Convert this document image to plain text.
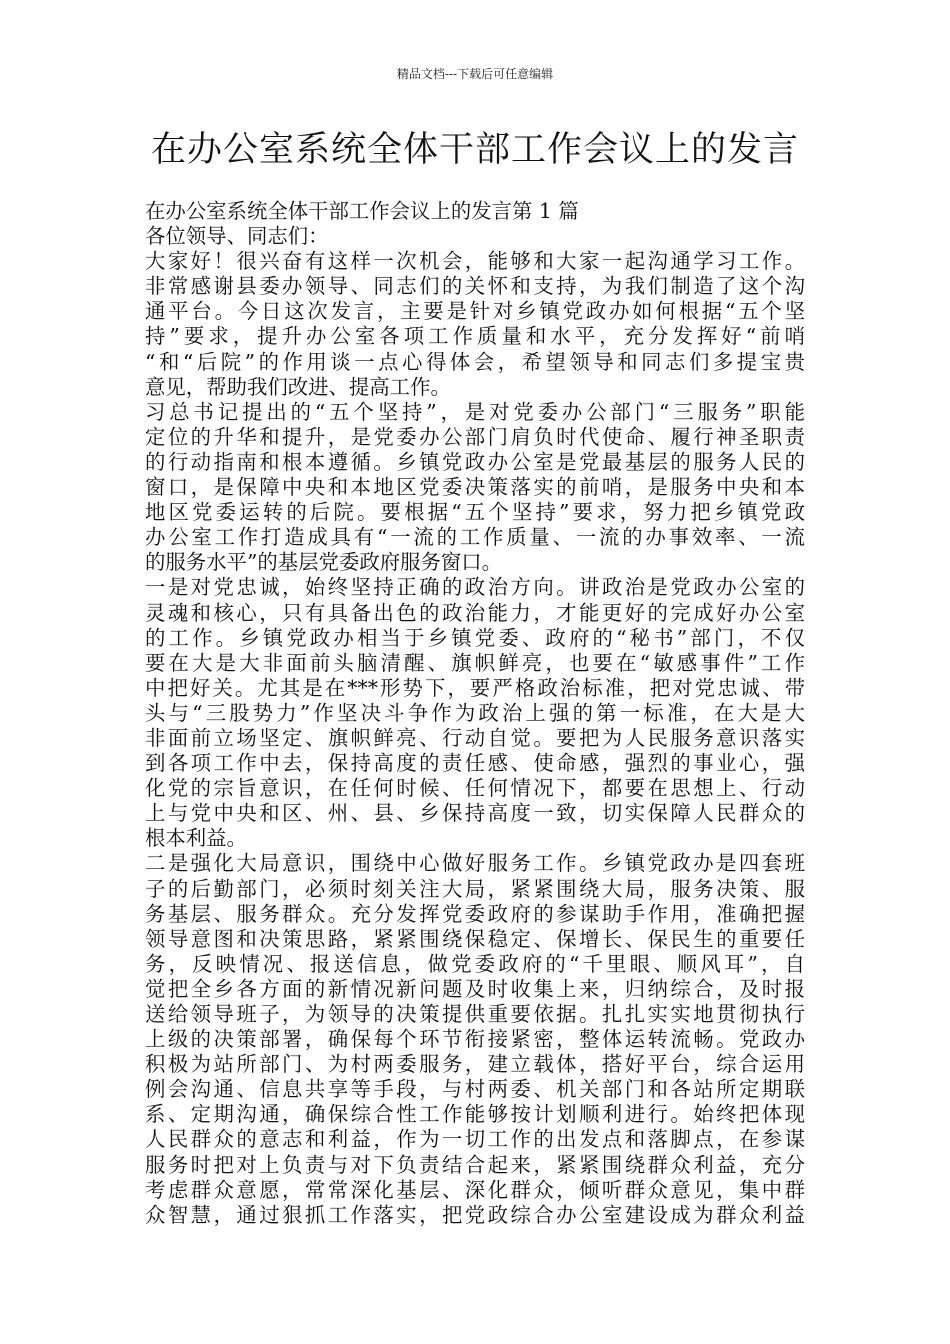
精品文档---下载后可任意编辑
在办公室系统全体干部工作会议上的发言
在办公室系统全体干部工作会议上的发言第 1 篇
各位领导、同志们：
大家好！很兴奋有这样一次机会，能够和大家一起沟通学习工作。
非常感谢县委办领导、同志们的关怀和支持，为我们制造了这个沟
通平台。今日这次发言，主要是针对乡镇党政办如何根据“五个坚
持”要求，提升办公室各项工作质量和水平，充分发挥好“前哨
“和“后院”的作用谈一点心得体会，希望领导和同志们多提宝贵
意见，帮助我们改进、提高工作。
习总书记提出的“五个坚持”，是对党委办公部门“三服务”职能
定位的升华和提升，是党委办公部门肩负时代使命、履行神圣职责
的行动指南和根本遵循。乡镇党政办公室是党最基层的服务人民的
窗口，是保障中央和本地区党委决策落实的前哨，是服务中央和本
地区党委运转的后院。要根据“五个坚持”要求，努力把乡镇党政
办公室工作打造成具有“一流的工作质量、一流的办事效率、一流
的服务水平”的基层党委政府服务窗口。
一是对党忠诚，始终坚持正确的政治方向。讲政治是党政办公室的
灵魂和核心，只有具备出色的政治能力，才能更好的完成好办公室
的工作。乡镇党政办相当于乡镇党委、政府的“秘书”部门，不仅
要在大是大非面前头脑清醒、旗帜鲜亮，也要在“敏感事件”工作
中把好关。尤其是在***形势下，要严格政治标准，把对党忠诚、带
头与“三股势力”作坚决斗争作为政治上强的第一标准，在大是大
非面前立场坚定、旗帜鲜亮、行动自觉。要把为人民服务意识落实
到各项工作中去，保持高度的责任感、使命感，强烈的事业心，强
化党的宗旨意识，在任何时候、任何情况下，都要在思想上、行动
上与党中央和区、州、县、乡保持高度一致，切实保障人民群众的
根本利益。
二是强化大局意识，围绕中心做好服务工作。乡镇党政办是四套班
子的后勤部门，必须时刻关注大局，紧紧围绕大局，服务决策、服
务基层、服务群众。充分发挥党委政府的参谋助手作用，准确把握
领导意图和决策思路，紧紧围绕保稳定、保增长、保民生的重要任
务，反映情况、报送信息，做党委政府的“千里眼、顺风耳”，自
觉把全乡各方面的新情况新问题及时收集上来，归纳综合，及时报
送给领导班子，为领导的决策提供重要依据。扎扎实实地贯彻执行
上级的决策部署，确保每个环节衔接紧密，整体运转流畅。党政办
积极为站所部门、为村两委服务，建立载体，搭好平台，综合运用
例会沟通、信息共享等手段，与村两委、机关部门和各站所定期联
系、定期沟通，确保综合性工作能够按计划顺利进行。始终把体现
人民群众的意志和利益，作为一切工作的出发点和落脚点，在参谋
服务时把对上负责与对下负责结合起来，紧紧围绕群众利益，充分
考虑群众意愿，常常深化基层、深化群众，倾听群众意见，集中群
众智慧，通过狠抓工作落实，把党政综合办公室建设成为群众利益
